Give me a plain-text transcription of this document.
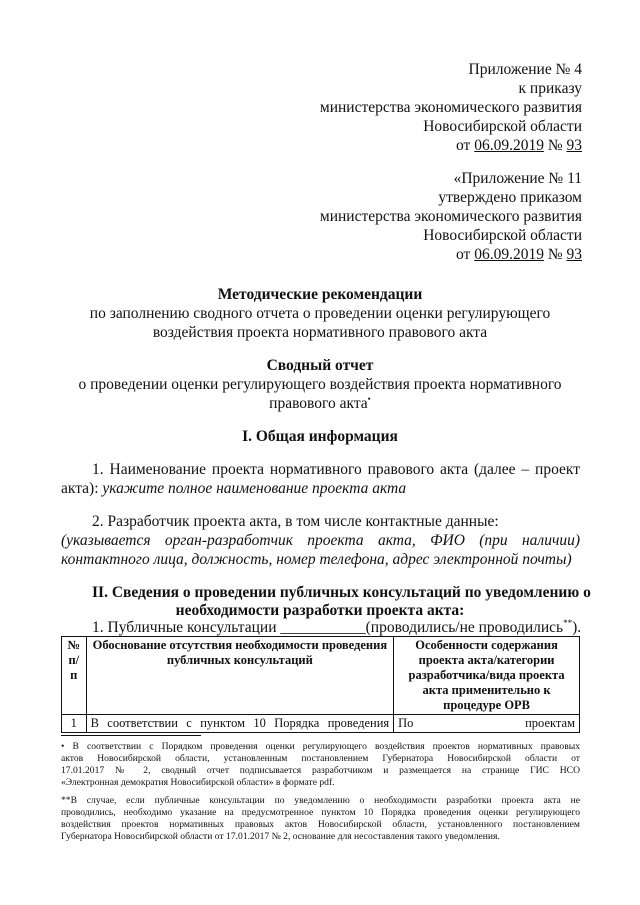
Приложение № 4
к приказу
министерства экономического развития
Новосибирской области
от 06.09.2019 № 93
«Приложение № 11
утверждено приказом
министерства экономического развития
Новосибирской области
от 06.09.2019 № 93
Методические рекомендации
по заполнению сводного отчета о проведении оценки регулирующего
воздействия проекта нормативного правового акта
Сводный отчет
о проведении оценки регулирующего воздействия проекта нормативного
правового акта•
I. Общая информация
1. Наименование проекта нормативного правового акта (далее – проект
акта): укажите полное наименование проекта акта
2. Разработчик проекта акта, в том числе контактные данные:
(указывается орган-разработчик проекта акта, ФИО (при наличии)
контактного лица, должность, номер телефона, адрес электронной почты)
II. Сведения о проведении публичных консультаций по уведомлению о
необходимости разработки проекта акта:
1. Публичные консультации ___________(проводились/не проводились**).
№ п/п	Обоснование отсутствия необходимости проведения публичных консультаций	Особенности содержания проекта акта/категории разработчика/вида проекта акта применительно к процедуре ОРВ
1	В соответствии с пунктом 10 Порядка проведения	По проектам
• В соответствии с Порядком проведения оценки регулирующего воздействия проектов нормативных правовых
актов Новосибирской области, установленным постановлением Губернатора Новосибирской области от
17.01.2017 № 2, сводный отчет подписывается разработчиком и размещается на странице ГИС НСО
«Электронная демократия Новосибирской области» в формате pdf.
**В случае, если публичные консультации по уведомлению о необходимости разработки проекта акта не
проводились, необходимо указание на предусмотренное пунктом 10 Порядка проведения оценки регулирующего
воздействия проектов нормативных правовых актов Новосибирской области, установленного постановлением
Губернатора Новосибирской области от 17.01.2017 № 2, основание для несоставления такого уведомления.
